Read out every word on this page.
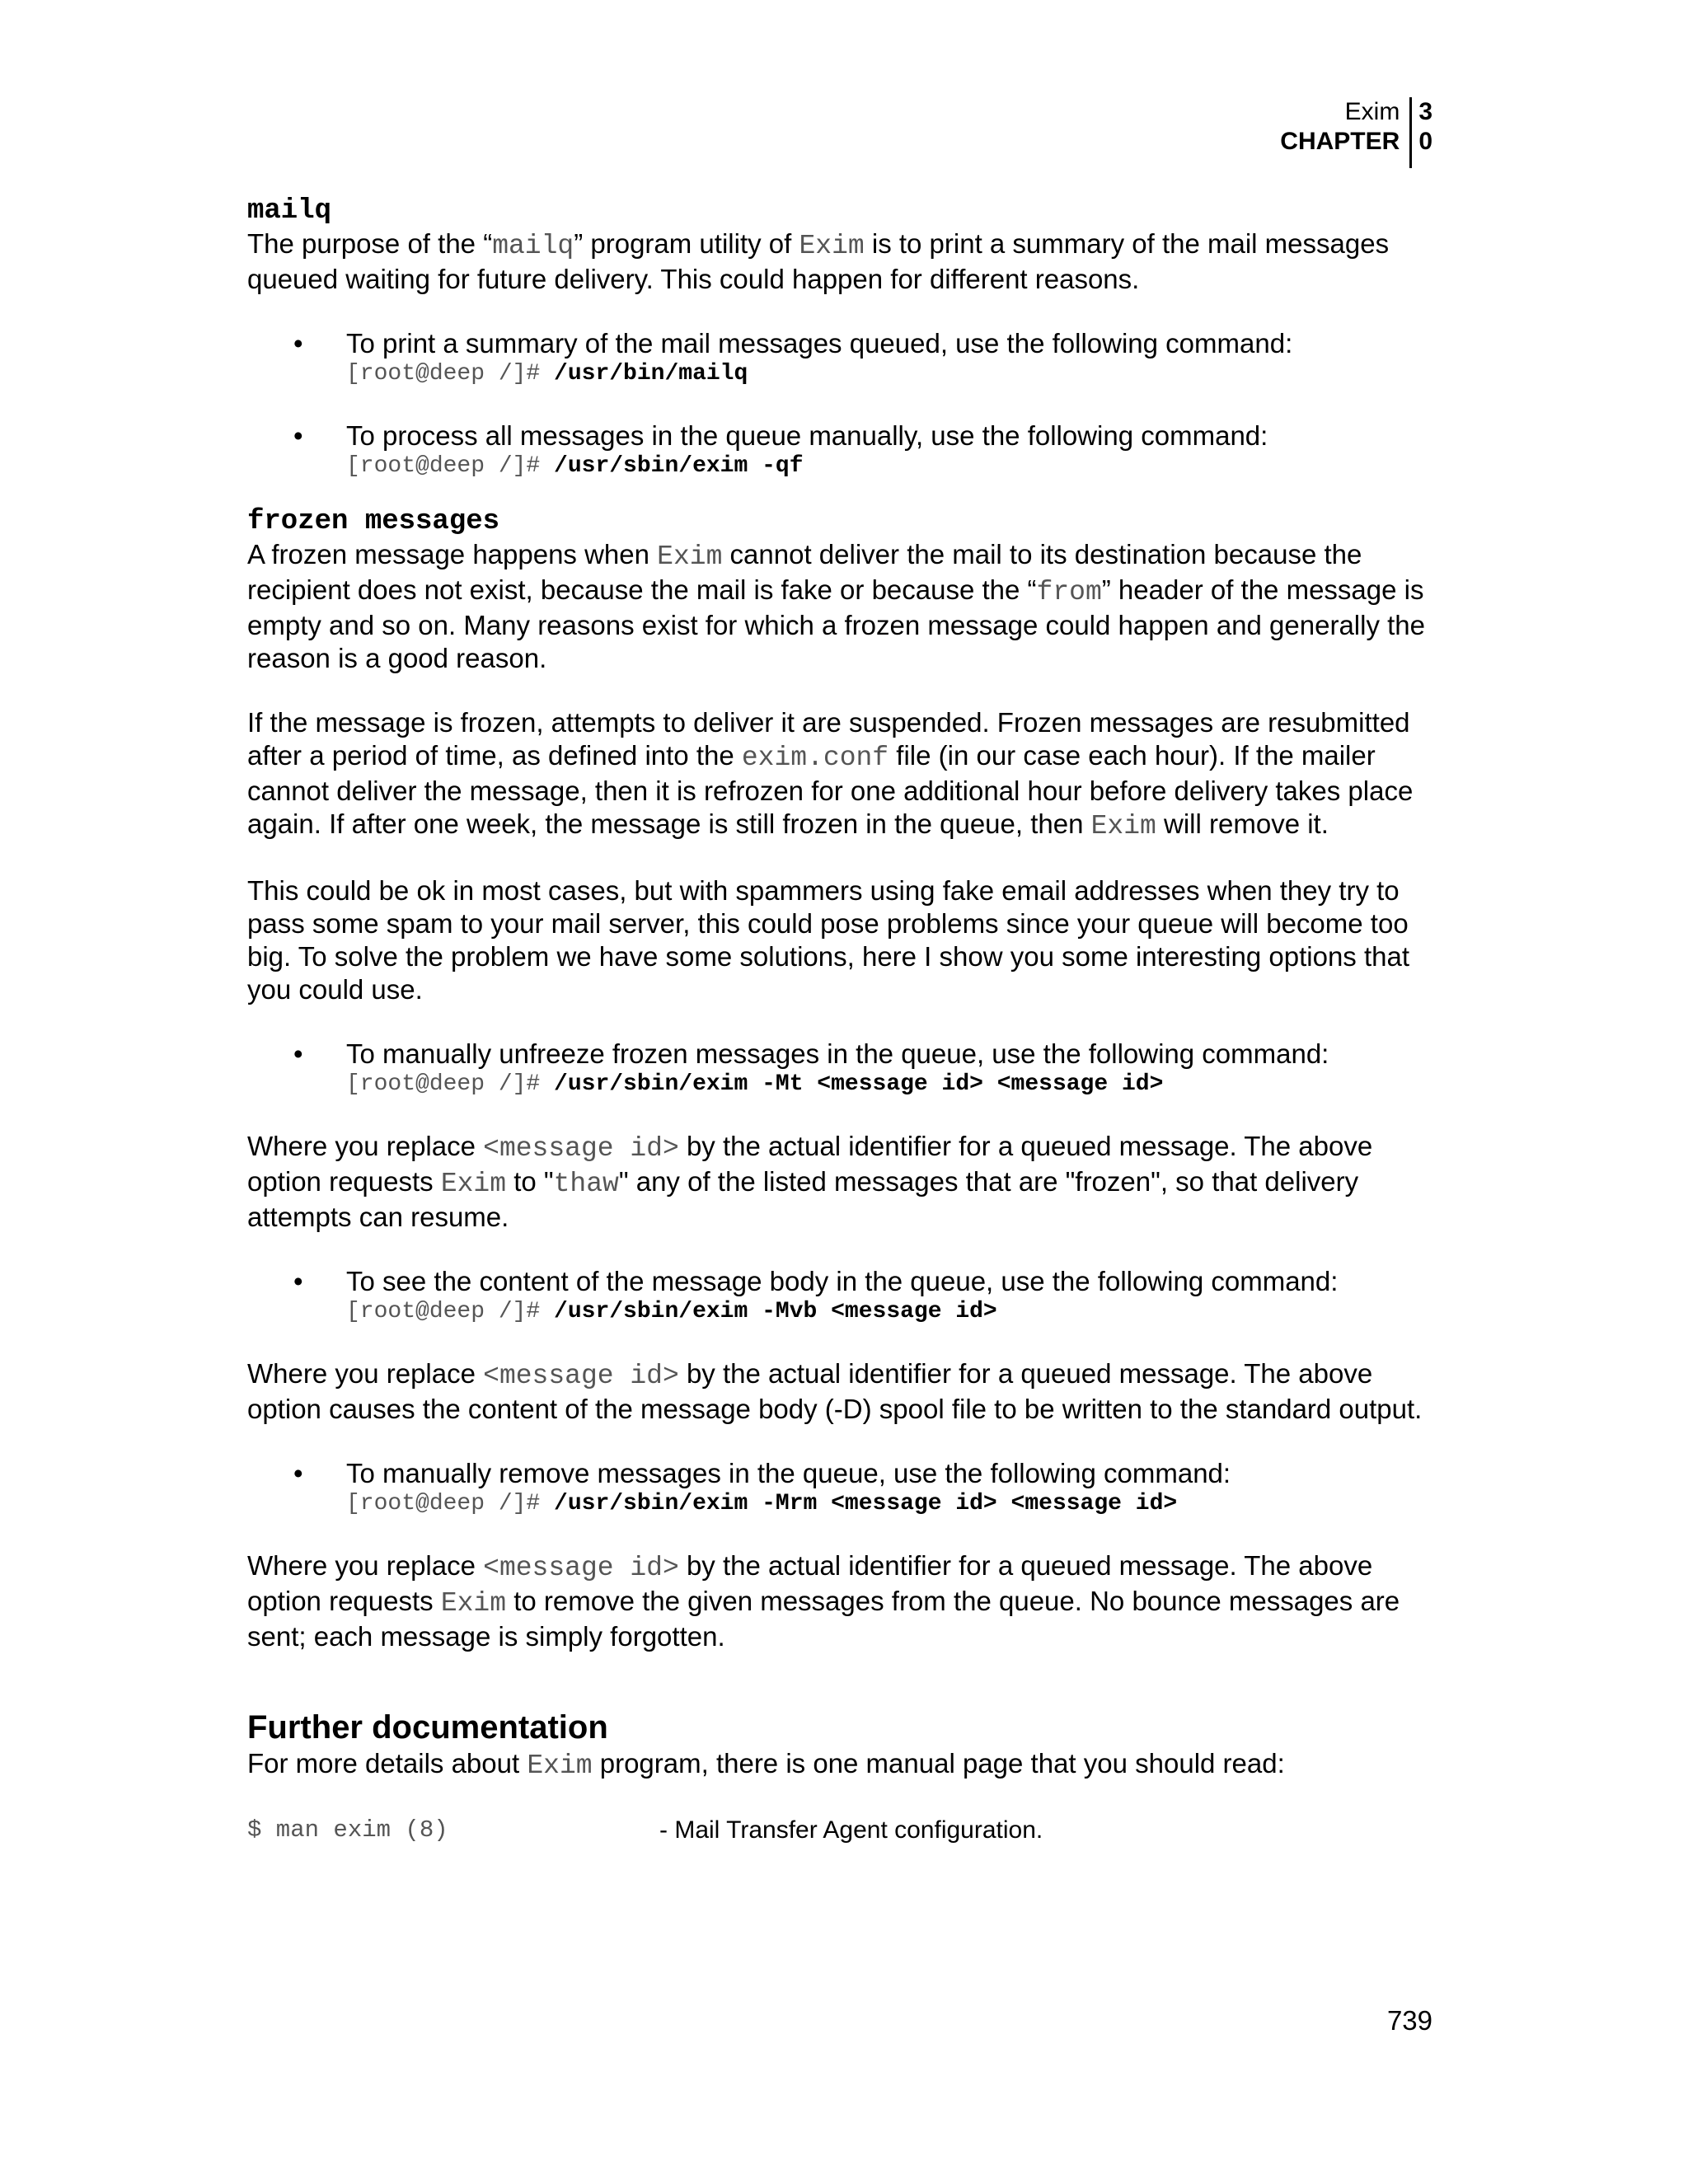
Exim
CHAPTER
3
0
mailq

The purpose of the “mailq” program utility of Exim is to print a summary of the mail messages queued waiting for future delivery. This could happen for different reasons.

• To print a summary of the mail messages queued, use the following command:
[root@deep /]# /usr/bin/mailq
• To process all messages in the queue manually, use the following command:
[root@deep /]# /usr/sbin/exim -qf
frozen messages

A frozen message happens when Exim cannot deliver the mail to its destination because the recipient does not exist, because the mail is fake or because the “from” header of the message is empty and so on. Many reasons exist for which a frozen message could happen and generally the reason is a good reason.

If the message is frozen, attempts to deliver it are suspended. Frozen messages are resubmitted after a period of time, as defined into the exim.conf file (in our case each hour). If the mailer cannot deliver the message, then it is refrozen for one additional hour before delivery takes place again. If after one week, the message is still frozen in the queue, then Exim will remove it.

This could be ok in most cases, but with spammers using fake email addresses when they try to pass some spam to your mail server, this could pose problems since your queue will become too big. To solve the problem we have some solutions, here I show you some interesting options that you could use.

• To manually unfreeze frozen messages in the queue, use the following command:
[root@deep /]# /usr/sbin/exim -Mt <message id> <message id>

Where you replace <message id> by the actual identifier for a queued message. The above option requests Exim to "thaw" any of the listed messages that are "frozen", so that delivery attempts can resume.

• To see the content of the message body in the queue, use the following command:
[root@deep /]# /usr/sbin/exim -Mvb <message id>

Where you replace <message id> by the actual identifier for a queued message. The above option causes the content of the message body (-D) spool file to be written to the standard output.

• To manually remove messages in the queue, use the following command:
[root@deep /]# /usr/sbin/exim -Mrm <message id> <message id>

Where you replace <message id> by the actual identifier for a queued message. The above option requests Exim to remove the given messages from the queue. No bounce messages are sent; each message is simply forgotten.

Further documentation

For more details about Exim program, there is one manual page that you should read:

$ man exim (8)	- Mail Transfer Agent configuration.
739
